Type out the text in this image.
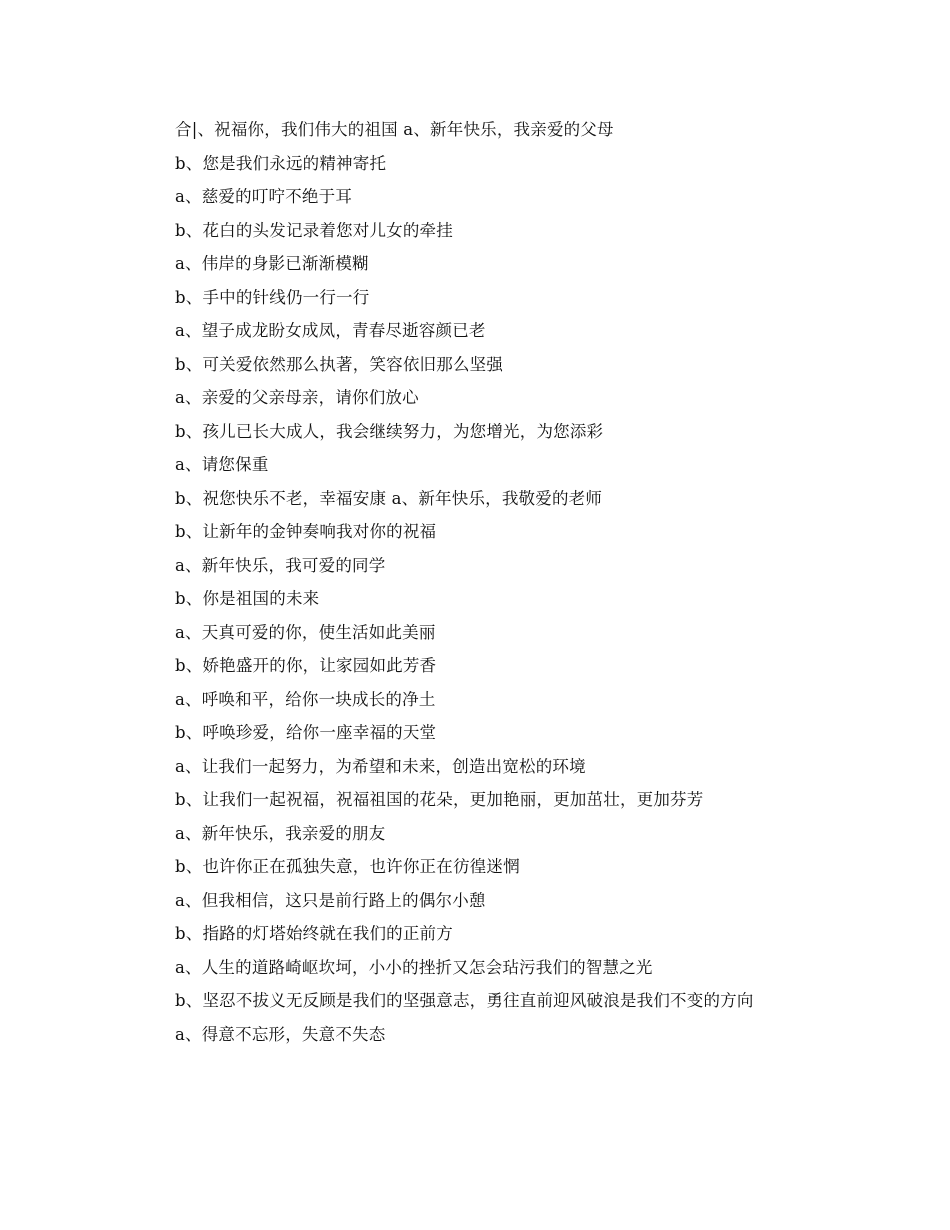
合|、祝福你，我们伟大的祖国 a、新年快乐，我亲爱的父母
b、您是我们永远的精神寄托
a、慈爱的叮咛不绝于耳
b、花白的头发记录着您对儿女的牵挂
a、伟岸的身影已渐渐模糊
b、手中的针线仍一行一行
a、望子成龙盼女成凤，青春尽逝容颜已老
b、可关爱依然那么执著，笑容依旧那么坚强
a、亲爱的父亲母亲，请你们放心
b、孩儿已长大成人，我会继续努力，为您增光，为您添彩
a、请您保重
b、祝您快乐不老，幸福安康 a、新年快乐，我敬爱的老师
b、让新年的金钟奏响我对你的祝福
a、新年快乐，我可爱的同学
b、你是祖国的未来
a、天真可爱的你，使生活如此美丽
b、娇艳盛开的你，让家园如此芳香
a、呼唤和平，给你一块成长的净土
b、呼唤珍爱，给你一座幸福的天堂
a、让我们一起努力，为希望和未来，创造出宽松的环境
b、让我们一起祝福，祝福祖国的花朵，更加艳丽，更加茁壮，更加芬芳
a、新年快乐，我亲爱的朋友
b、也许你正在孤独失意，也许你正在彷徨迷惘
a、但我相信，这只是前行路上的偶尔小憩
b、指路的灯塔始终就在我们的正前方
a、人生的道路崎岖坎坷，小小的挫折又怎会玷污我们的智慧之光
b、坚忍不拔义无反顾是我们的坚强意志，勇往直前迎风破浪是我们不变的方向
a、得意不忘形，失意不失态
